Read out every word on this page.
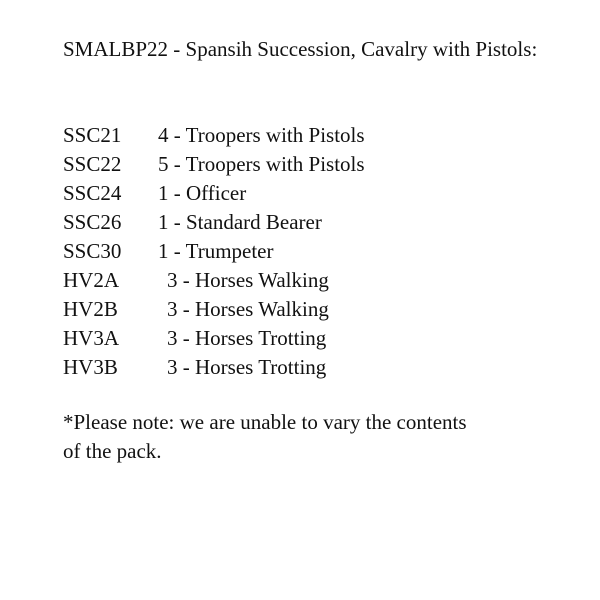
SMALBP22 - Spansih Succession, Cavalry with Pistols:

SSC21 4 - Troopers with Pistols
SSC22 5 - Troopers with Pistols
SSC24 1 - Officer
SSC26 1 - Standard Bearer
SSC30 1 - Trumpeter
HV2A 3 - Horses Walking
HV2B 3 - Horses Walking
HV3A 3 - Horses Trotting
HV3B 3 - Horses Trotting

*Please note: we are unable to vary the contents of the pack.
